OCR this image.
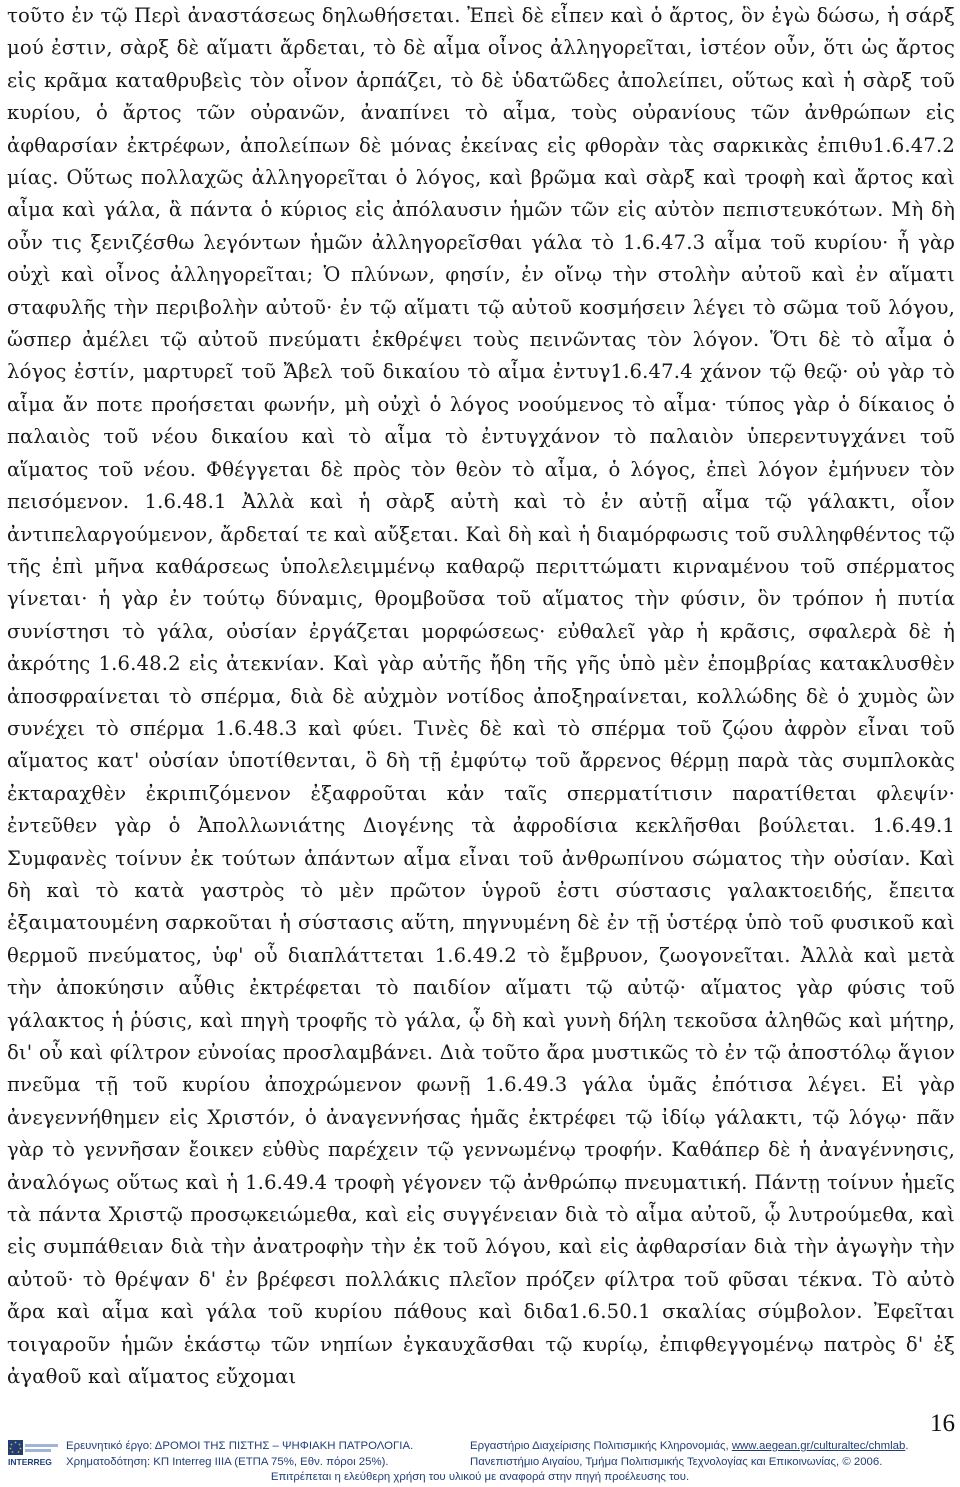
τοῦτο ἐν τῷ Περὶ ἀναστάσεως δηλωθήσεται. Ἐπεὶ δὲ εἶπεν καὶ ὁ ἄρτος, ὃν ἐγὼ δώσω, ἡ σάρξ μού ἐστιν, σὰρξ δὲ αἵματι ἄρδεται, τὸ δὲ αἷμα οἶνος ἀλληγορεῖται, ἰστέον οὖν, ὅτι ὡς ἄρτος εἰς κρᾶμα καταθρυβεὶς τὸν οἶνον ἁρπάζει, τὸ δὲ ὑδατῶδες ἀπολείπει, οὕτως καὶ ἡ σὰρξ τοῦ κυρίου, ὁ ἄρτος τῶν οὐρανῶν, ἀναπίνει τὸ αἷμα, τοὺς οὐρανίους τῶν ἀνθρώπων εἰς ἀφθαρσίαν ἐκτρέφων, ἀπολείπων δὲ μόνας ἐκείνας εἰς φθορὰν τὰς σαρκικὰς ἐπιθυ1.6.47.2 μίας. Οὕτως πολλαχῶς ἀλληγορεῖται ὁ λόγος, καὶ βρῶμα καὶ σὰρξ καὶ τροφὴ καὶ ἄρτος καὶ αἷμα καὶ γάλα, ἃ πάντα ὁ κύριος εἰς ἀπόλαυσιν ἡμῶν τῶν εἰς αὐτὸν πεπιστευκότων. Μὴ δὴ οὖν τις ξενιζέσθω λεγόντων ἡμῶν ἀλληγορεῖσθαι γάλα τὸ 1.6.47.3 αἷμα τοῦ κυρίου· ἦ γὰρ οὐχὶ καὶ οἶνος ἀλληγορεῖται; Ὁ πλύνων, φησίν, ἐν οἴνῳ τὴν στολὴν αὐτοῦ καὶ ἐν αἵματι σταφυλῆς τὴν περιβολὴν αὐτοῦ· ἐν τῷ αἵματι τῷ αὐτοῦ κοσμήσειν λέγει τὸ σῶμα τοῦ λόγου, ὥσπερ ἀμέλει τῷ αὐτοῦ πνεύματι ἐκθρέψει τοὺς πεινῶντας τὸν λόγον. Ὅτι δὲ τὸ αἷμα ὁ λόγος ἐστίν, μαρτυρεῖ τοῦ Ἄβελ τοῦ δικαίου τὸ αἷμα ἐντυγ1.6.47.4 χάνον τῷ θεῷ· οὐ γὰρ τὸ αἷμα ἄν ποτε προήσεται φωνήν, μὴ οὐχὶ ὁ λόγος νοούμενος τὸ αἷμα· τύπος γὰρ ὁ δίκαιος ὁ παλαιὸς τοῦ νέου δικαίου καὶ τὸ αἷμα τὸ ἐντυγχάνον τὸ παλαιὸν ὑπερεντυγχάνει τοῦ αἵματος τοῦ νέου. Φθέγγεται δὲ πρὸς τὸν θεὸν τὸ αἷμα, ὁ λόγος, ἐπεὶ λόγον ἐμήνυεν τὸν πεισόμενον. 1.6.48.1 Ἀλλὰ καὶ ἡ σὰρξ αὐτὴ καὶ τὸ ἐν αὐτῇ αἷμα τῷ γάλακτι, οἷον ἀντιπελαργούμενον, ἄρδεταί τε καὶ αὔξεται. Καὶ δὴ καὶ ἡ διαμόρφωσις τοῦ συλληφθέντος τῷ τῆς ἐπὶ μῆνα καθάρσεως ὑπολελειμμένῳ καθαρῷ περιττώματι κιρναμένου τοῦ σπέρματος γίνεται· ἡ γὰρ ἐν τούτῳ δύναμις, θρομβοῦσα τοῦ αἵματος τὴν φύσιν, ὃν τρόπον ἡ πυτία συνίστησι τὸ γάλα, οὐσίαν ἐργάζεται μορφώσεως· εὐθαλεῖ γὰρ ἡ κρᾶσις, σφαλερὰ δὲ ἡ ἀκρότης 1.6.48.2 εἰς ἀτεκνίαν. Καὶ γὰρ αὐτῆς ἤδη τῆς γῆς ὑπὸ μὲν ἐπομβρίας κατακλυσθὲν ἀποσφραίνεται τὸ σπέρμα, διὰ δὲ αὐχμὸν νοτίδος ἀποξηραίνεται, κολλώδης δὲ ὁ χυμὸς ὢν συνέχει τὸ σπέρμα 1.6.48.3 καὶ φύει. Τινὲς δὲ καὶ τὸ σπέρμα τοῦ ζῴου ἀφρὸν εἶναι τοῦ αἵματος κατ' οὐσίαν ὑποτίθενται, ὃ δὴ τῇ ἐμφύτῳ τοῦ ἄρρενος θέρμῃ παρὰ τὰς συμπλοκὰς ἐκταραχθὲν ἐκριπιζόμενον ἐξαφροῦται κἀν ταῖς σπερματίτισιν παρατίθεται φλεψίν· ἐντεῦθεν γὰρ ὁ Ἀπολλωνιάτης Διογένης τὰ ἀφροδίσια κεκλῆσθαι βούλεται. 1.6.49.1 Συμφανὲς τοίνυν ἐκ τούτων ἁπάντων αἷμα εἶναι τοῦ ἀνθρωπίνου σώματος τὴν οὐσίαν. Καὶ δὴ καὶ τὸ κατὰ γαστρὸς τὸ μὲν πρῶτον ὑγροῦ ἐστι σύστασις γαλακτοειδής, ἔπειτα ἐξαιματουμένη σαρκοῦται ἡ σύστασις αὕτη, πηγνυμένη δὲ ἐν τῇ ὑστέρᾳ ὑπὸ τοῦ φυσικοῦ καὶ θερμοῦ πνεύματος, ὑφ' οὗ διαπλάττεται 1.6.49.2 τὸ ἔμβρυον, ζωογονεῖται. Ἀλλὰ καὶ μετὰ τὴν ἀποκύησιν αὖθις ἐκτρέφεται τὸ παιδίον αἵματι τῷ αὐτῷ· αἵματος γὰρ φύσις τοῦ γάλακτος ἡ ῥύσις, καὶ πηγὴ τροφῆς τὸ γάλα, ᾧ δὴ καὶ γυνὴ δήλη τεκοῦσα ἀληθῶς καὶ μήτηρ, δι' οὗ καὶ φίλτρον εὐνοίας προσλαμβάνει. Διὰ τοῦτο ἄρα μυστικῶς τὸ ἐν τῷ ἀποστόλῳ ἅγιον πνεῦμα τῇ τοῦ κυρίου ἀποχρώμενον φωνῇ 1.6.49.3 γάλα ὑμᾶς ἐπότισα λέγει. Εἰ γὰρ ἀνεγεννήθημεν εἰς Χριστόν, ὁ ἀναγεννήσας ἡμᾶς ἐκτρέφει τῷ ἰδίῳ γάλακτι, τῷ λόγῳ· πᾶν γὰρ τὸ γεννῆσαν ἔοικεν εὐθὺς παρέχειν τῷ γεννωμένῳ τροφήν. Καθάπερ δὲ ἡ ἀναγέννησις, ἀναλόγως οὕτως καὶ ἡ 1.6.49.4 τροφὴ γέγονεν τῷ ἀνθρώπῳ πνευματική. Πάντῃ τοίνυν ἡμεῖς τὰ πάντα Χριστῷ προσῳκειώμεθα, καὶ εἰς συγγένειαν διὰ τὸ αἷμα αὐτοῦ, ᾧ λυτρούμεθα, καὶ εἰς συμπάθειαν διὰ τὴν ἀνατροφὴν τὴν ἐκ τοῦ λόγου, καὶ εἰς ἀφθαρσίαν διὰ τὴν ἀγωγὴν τὴν αὐτοῦ· τὸ θρέψαν δ' ἐν βρέφεσι πολλάκις πλεῖον πρόζεν φίλτρα τοῦ φῦσαι τέκνα. Τὸ αὐτὸ ἄρα καὶ αἷμα καὶ γάλα τοῦ κυρίου πάθους καὶ διδα1.6.50.1 σκαλίας σύμβολον. Ἐφεῖται τοιγαροῦν ἡμῶν ἑκάστῳ τῶν νηπίων ἐγκαυχᾶσθαι τῷ κυρίῳ, ἐπιφθεγγομένῳ πατρὸς δ' ἐξ ἀγαθοῦ καὶ αἵματος εὔχομαι

16
INTERREG
Ερευνητικό έργο: ΔΡΟΜΟΙ ΤΗΣ ΠΙΣΤΗΣ – ΨΗΦΙΑΚΗ ΠΑΤΡΟΛΟΓΙΑ.
Χρηματοδότηση: ΚΠ Interreg IIIA (ΕΤΠΑ 75%, Εθν. πόροι 25%).
Εργαστήριο Διαχείρισης Πολιτισμικής Κληρονομιάς, www.aegean.gr/culturaltec/chmlab.
Πανεπιστήμιο Αιγαίου, Τμήμα Πολιτισμικής Τεχνολογίας και Επικοινωνίας, © 2006.
Επιτρέπεται η ελεύθερη χρήση του υλικού με αναφορά στην πηγή προέλευσης του.
